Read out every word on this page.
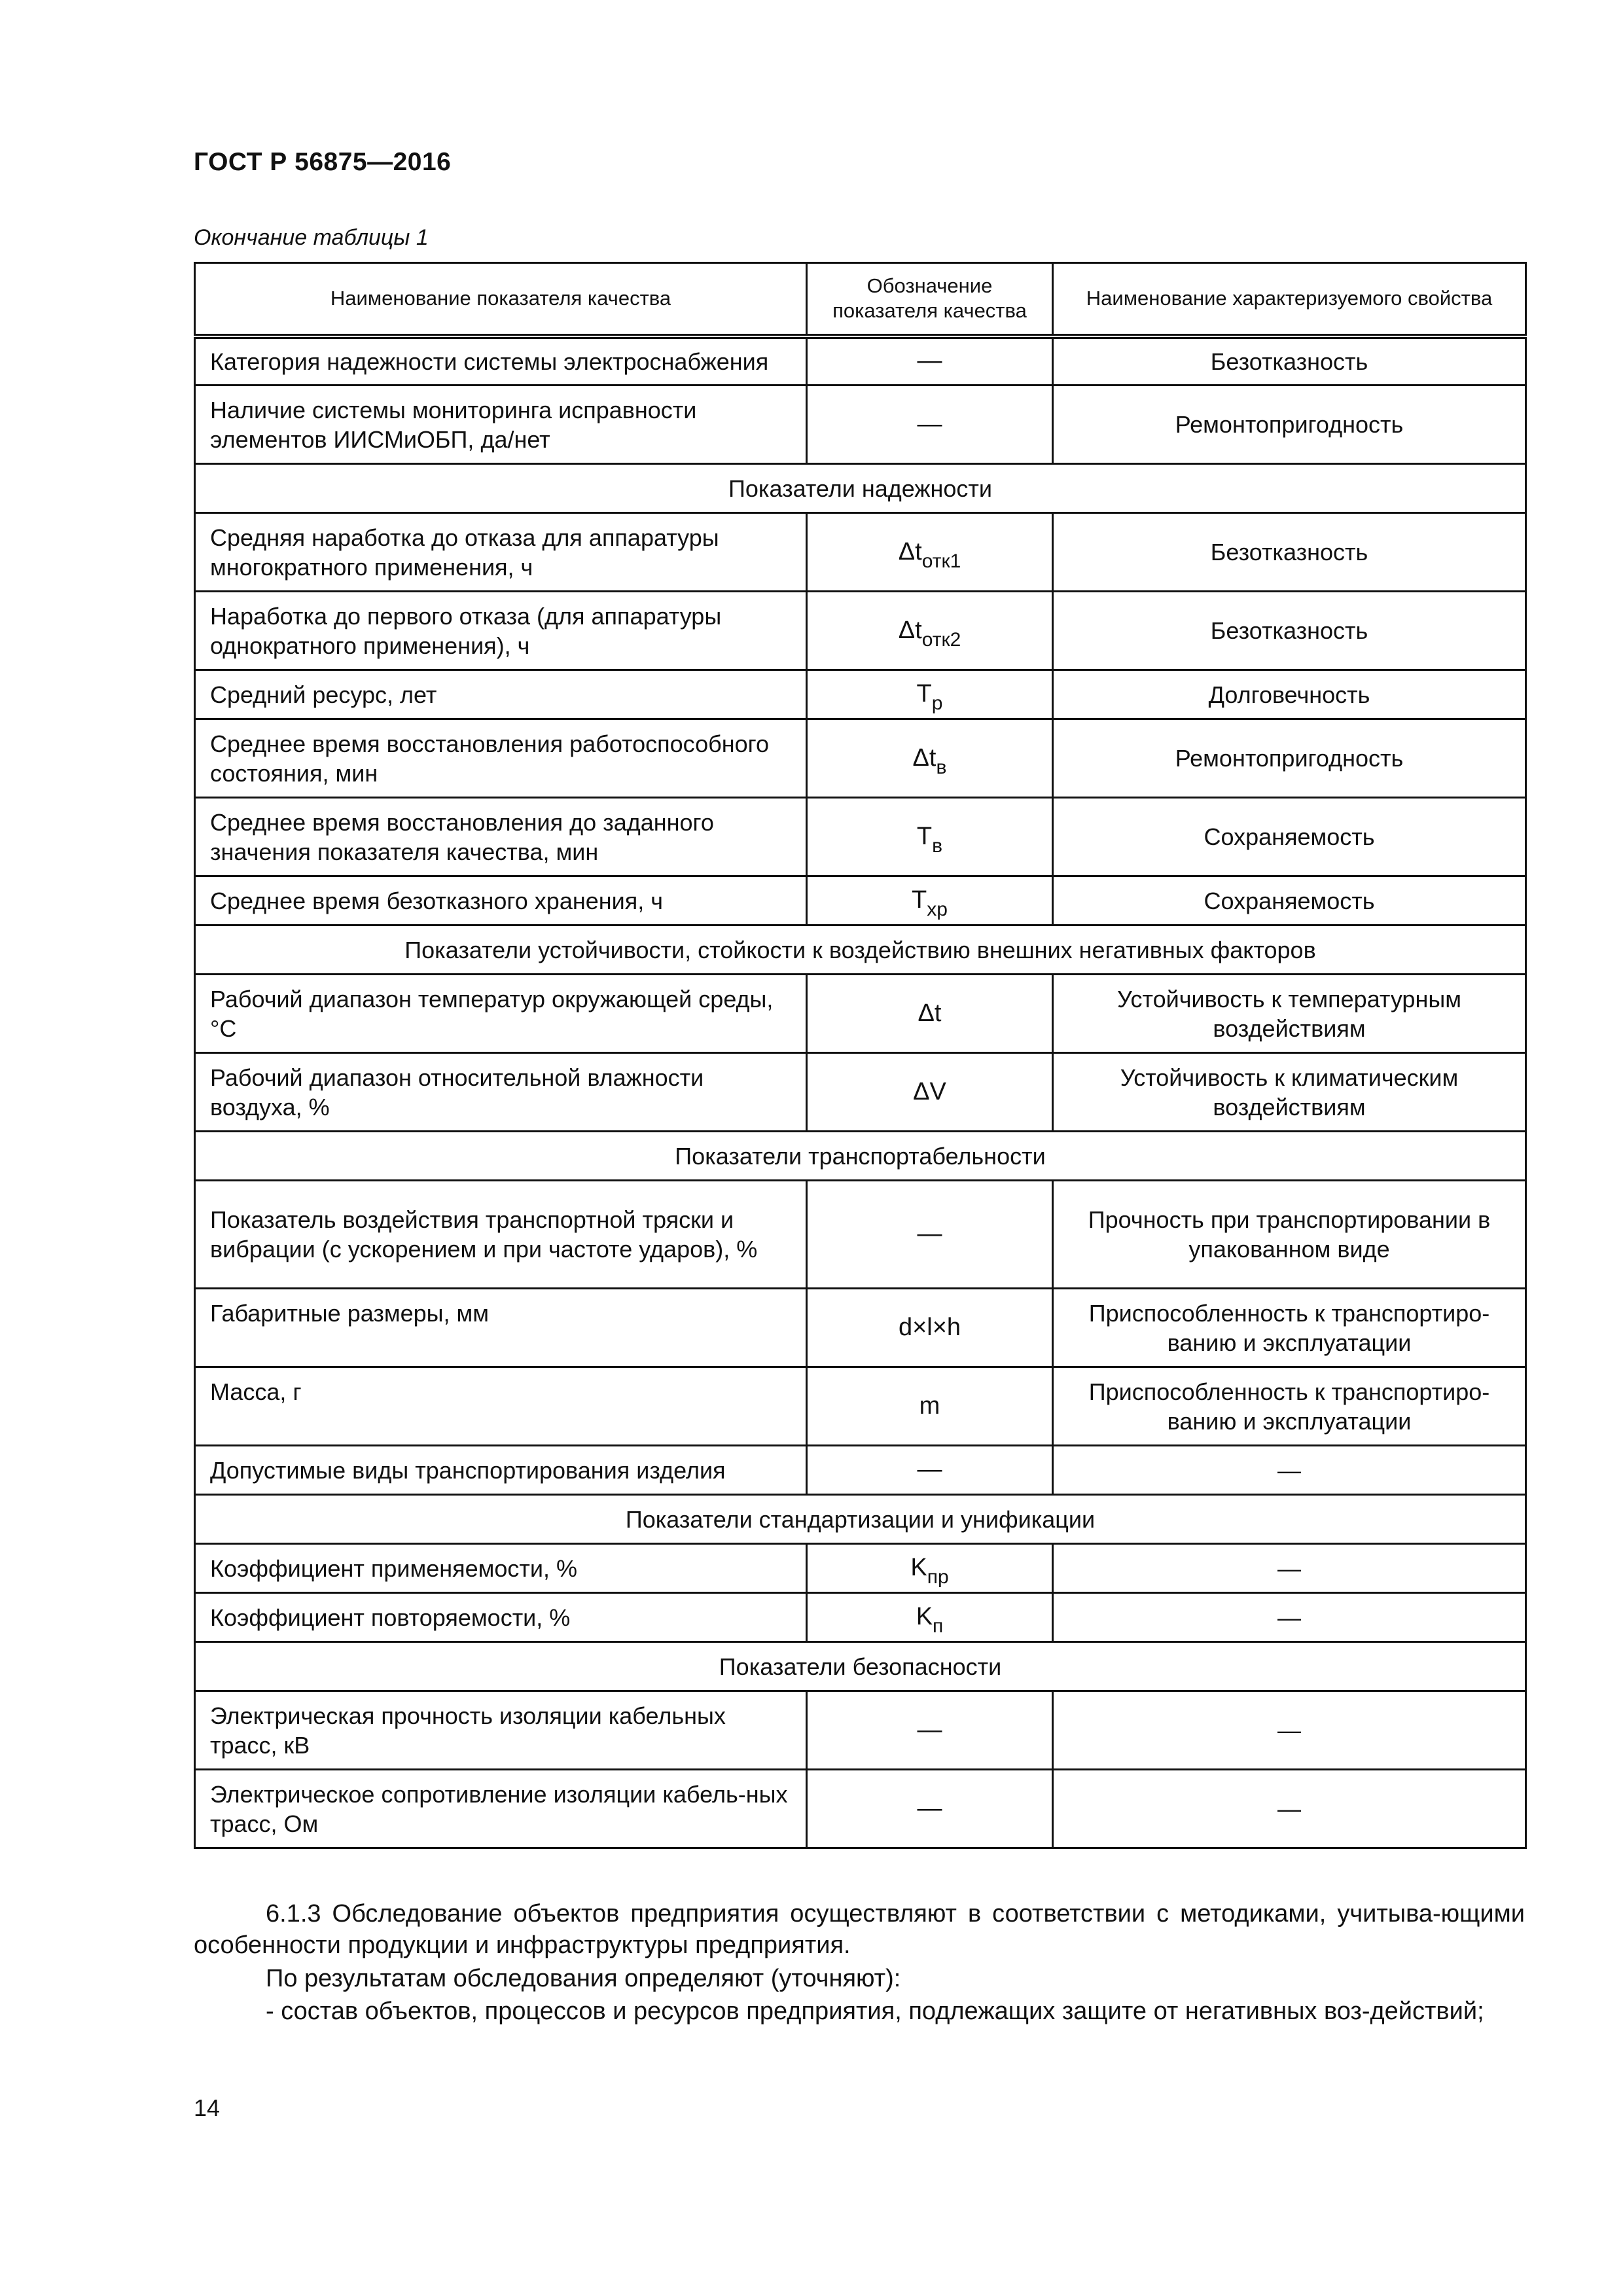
ГОСТ Р 56875—2016
Окончание таблицы 1
Наименование показателя качества	Обозначение показателя качества	Наименование характеризуемого свойства
Категория надежности системы электроснабжения	—	Безотказность
Наличие системы мониторинга исправности элементов ИИСМиОБП, да/нет	—	Ремонтопригодность
Показатели надежности		
Средняя наработка до отказа для аппаратуры многократного применения, ч	$\Delta t_{отк1}$	Безотказность
Наработка до первого отказа (для аппаратуры однократного применения), ч	$\Delta t_{отк2}$	Безотказность
Средний ресурс, лет	$T_р$	Долговечность
Среднее время восстановления работоспособного состояния, мин	$\Delta t_в$	Ремонтопригодность
Среднее время восстановления до заданного значения показателя качества, мин	$T_в$	Сохраняемость
Среднее время безотказного хранения, ч	$T_{хр}$	Сохраняемость
Показатели устойчивости, стойкости к воздействию внешних негативных факторов		
Рабочий диапазон температур окружающей среды, °С	Δt	Устойчивость к температурным воздействиям
Рабочий диапазон относительной влажности воздуха, %	ΔV	Устойчивость к климатическим воздействиям
Показатели транспортабельности		
Показатель воздействия транспортной тряски и вибрации (с ускорением и при частоте ударов), %	—	Прочность при транспортировании в упакованном виде
Габаритные размеры, мм	d×l×h	Приспособленность к транспортиро-ванию и эксплуатации
Масса, г	m	Приспособленность к транспортиро-ванию и эксплуатации
Допустимые виды транспортирования изделия	—	—
Показатели стандартизации и унификации		
Коэффициент применяемости, %	$K_{пр}$	—
Коэффициент повторяемости, %	$K_п$	—
Показатели безопасности		
Электрическая прочность изоляции кабельных трасс, кВ	—	—
Электрическое сопротивление изоляции кабель-ных трасс, Ом	—	—
6.1.3 Обследование объектов предприятия осуществляют в соответствии с методиками, учитыва-ющими особенности продукции и инфраструктуры предприятия.
По результатам обследования определяют (уточняют):
- состав объектов, процессов и ресурсов предприятия, подлежащих защите от негативных воз-действий;
14
